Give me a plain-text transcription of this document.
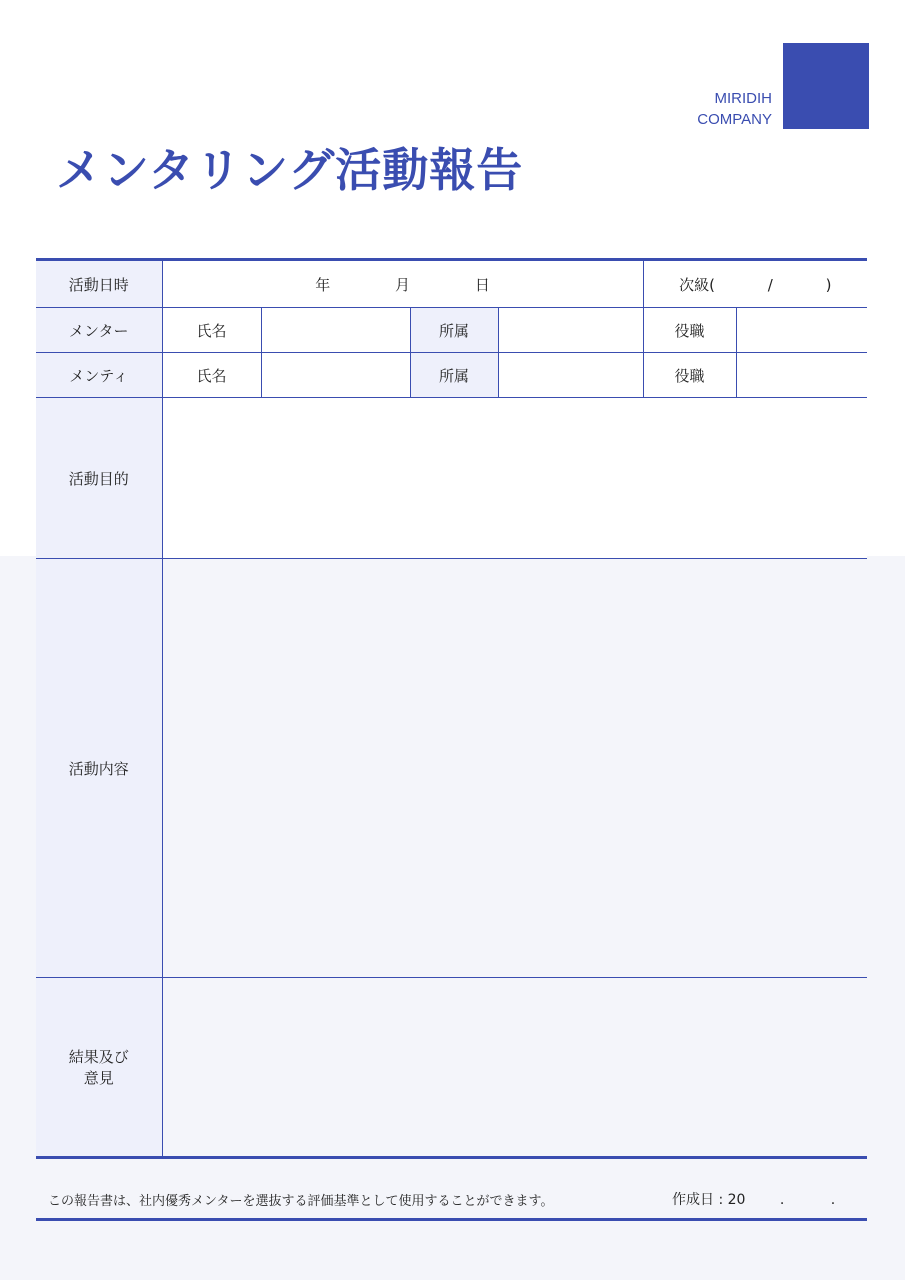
MIRIDIH
COMPANY
メンタリング活動報告
活動日時	年 月 日				次級( / )	
メンター	氏名		所属		役職	
メンティ	氏名		所属		役職	
活動目的						
活動内容						

結果及び
意見						

この報告書は、社内優秀メンターを選抜する評価基準として使用することができます。	作成日 : 20 .	.
